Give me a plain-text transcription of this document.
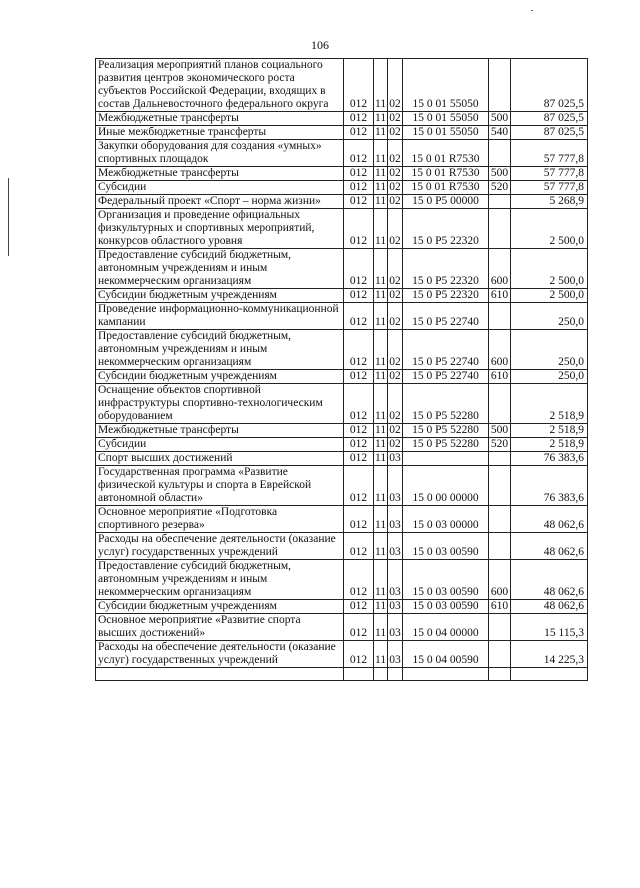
106
Реализация мероприятий планов социального развития центров экономического роста субъектов Российской Федерации, входящих в состав Дальневосточного федерального округа	012	11	02	15 0 01 55050		87 025,5
Межбюджетные трансферты	012	11	02	15 0 01 55050	500	87 025,5
Иные межбюджетные трансферты	012	11	02	15 0 01 55050	540	87 025,5
Закупки оборудования для создания «умных» спортивных площадок	012	11	02	15 0 01 R7530		57 777,8
Межбюджетные трансферты	012	11	02	15 0 01 R7530	500	57 777,8
Субсидии	012	11	02	15 0 01 R7530	520	57 777,8
Федеральный проект «Спорт – норма жизни»	012	11	02	15 0 P5 00000		5 268,9
Организация и проведение официальных физкультурных и спортивных мероприятий, конкурсов областного уровня	012	11	02	15 0 P5 22320		2 500,0
Предоставление субсидий бюджетным, автономным учреждениям и иным некоммерческим организациям	012	11	02	15 0 P5 22320	600	2 500,0
Субсидии бюджетным учреждениям	012	11	02	15 0 P5 22320	610	2 500,0
Проведение информационно-коммуникационной кампании	012	11	02	15 0 P5 22740		250,0
Предоставление субсидий бюджетным, автономным учреждениям и иным некоммерческим организациям	012	11	02	15 0 P5 22740	600	250,0
Субсидии бюджетным учреждениям	012	11	02	15 0 P5 22740	610	250,0
Оснащение объектов спортивной инфраструктуры спортивно-технологическим оборудованием	012	11	02	15 0 P5 52280		2 518,9
Межбюджетные трансферты	012	11	02	15 0 P5 52280	500	2 518,9
Субсидии	012	11	02	15 0 P5 52280	520	2 518,9
Спорт высших достижений	012	11	03			76 383,6
Государственная программа «Развитие физической культуры и спорта в Еврейской автономной области»	012	11	03	15 0 00 00000		76 383,6
Основное мероприятие «Подготовка спортивного резерва»	012	11	03	15 0 03 00000		48 062,6
Расходы на обеспечение деятельности (оказание услуг) государственных учреждений	012	11	03	15 0 03 00590		48 062,6
Предоставление субсидий бюджетным, автономным учреждениям и иным некоммерческим организациям	012	11	03	15 0 03 00590	600	48 062,6
Субсидии бюджетным учреждениям	012	11	03	15 0 03 00590	610	48 062,6
Основное мероприятие «Развитие спорта высших достижений»	012	11	03	15 0 04 00000		15 115,3
Расходы на обеспечение деятельности (оказание услуг) государственных учреждений	012	11	03	15 0 04 00590		14 225,3
